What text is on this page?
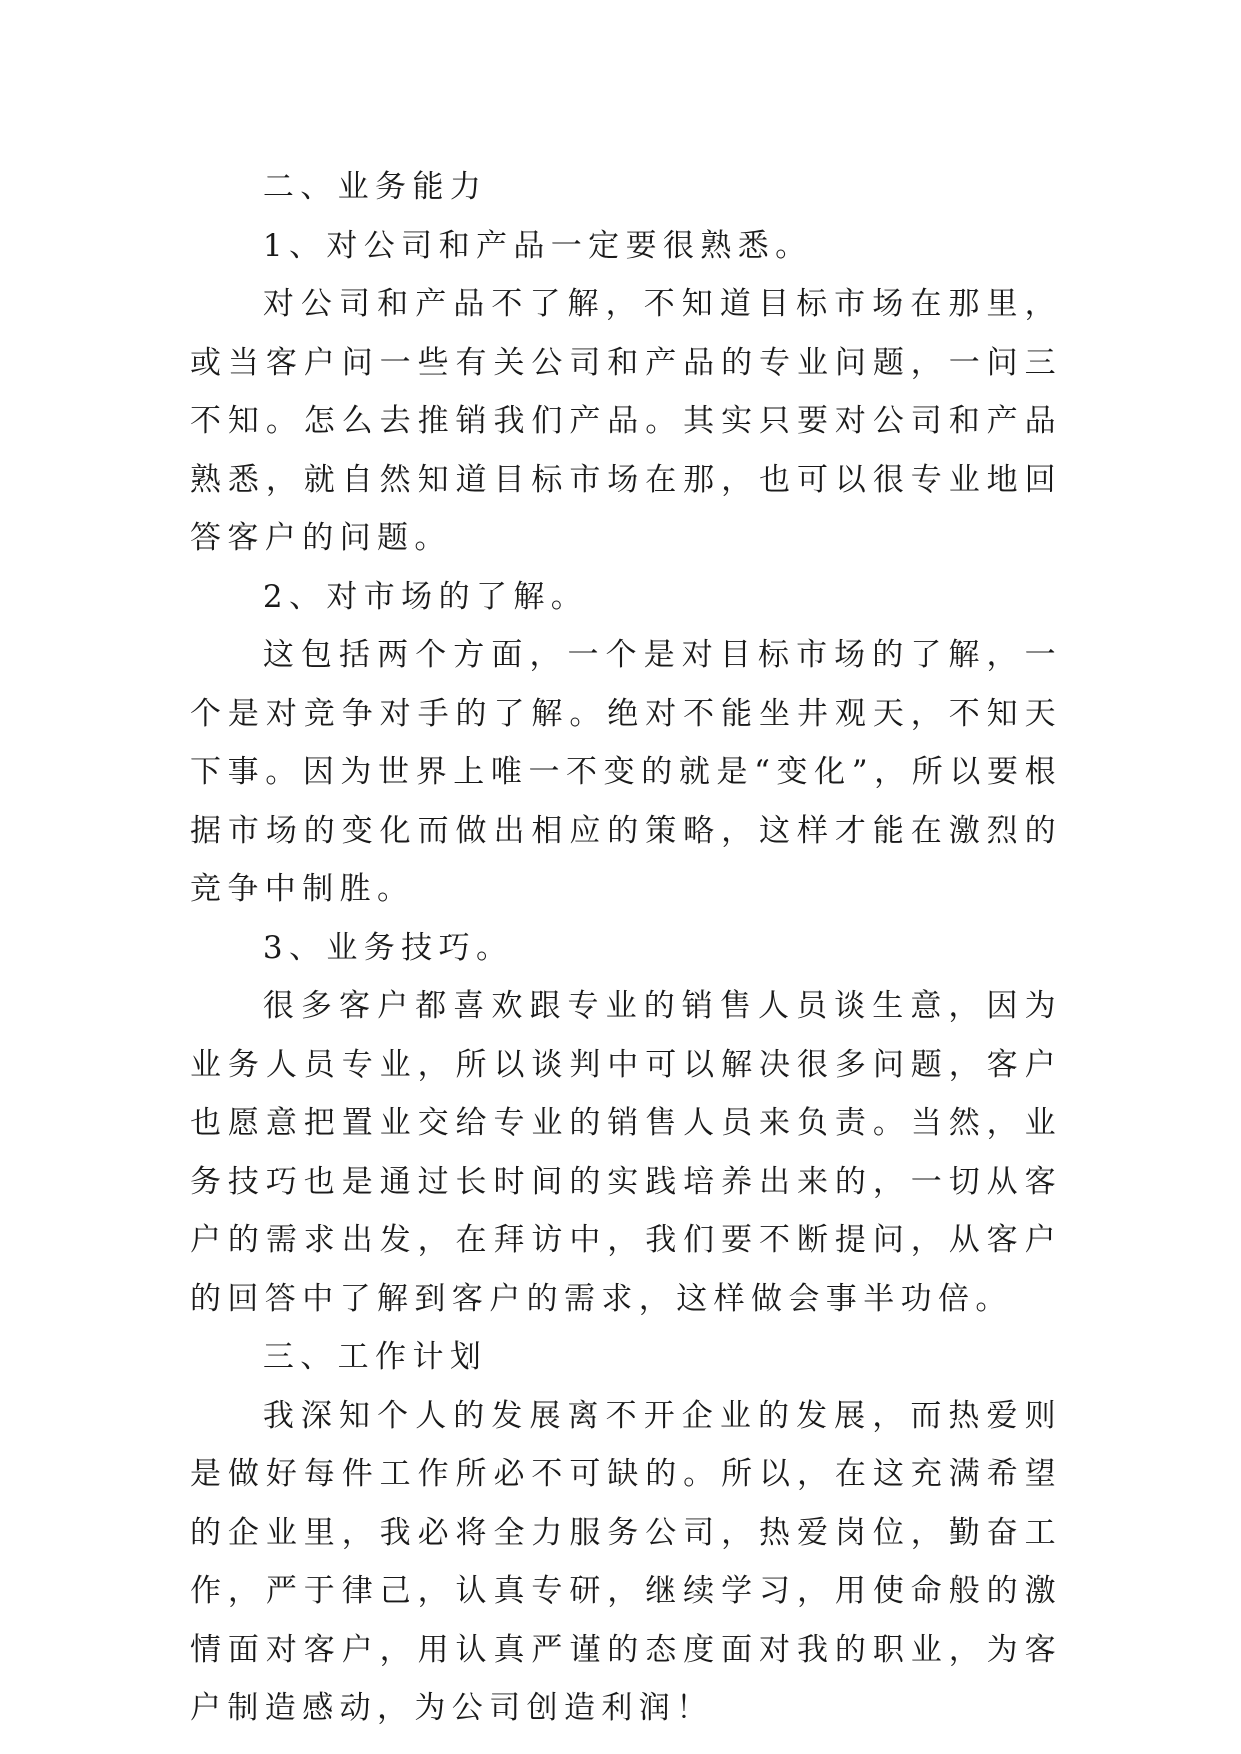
二、业务能力

1、对公司和产品一定要很熟悉。

对公司和产品不了解，不知道目标市场在那里，或当客户问一些有关公司和产品的专业问题，一问三不知。怎么去推销我们产品。其实只要对公司和产品熟悉，就自然知道目标市场在那，也可以很专业地回答客户的问题。

2、对市场的了解。

这包括两个方面，一个是对目标市场的了解，一个是对竞争对手的了解。绝对不能坐井观天，不知天下事。因为世界上唯一不变的就是“变化”，所以要根据市场的变化而做出相应的策略，这样才能在激烈的竞争中制胜。

3、业务技巧。

很多客户都喜欢跟专业的销售人员谈生意，因为业务人员专业，所以谈判中可以解决很多问题，客户也愿意把置业交给专业的销售人员来负责。当然，业务技巧也是通过长时间的实践培养出来的，一切从客户的需求出发，在拜访中，我们要不断提问，从客户的回答中了解到客户的需求，这样做会事半功倍。

三、工作计划

我深知个人的发展离不开企业的发展，而热爱则是做好每件工作所必不可缺的。所以，在这充满希望的企业里，我必将全力服务公司，热爱岗位，勤奋工作，严于律己，认真专研，继续学习，用使命般的激情面对客户，用认真严谨的态度面对我的职业，为客户制造感动，为公司创造利润！
